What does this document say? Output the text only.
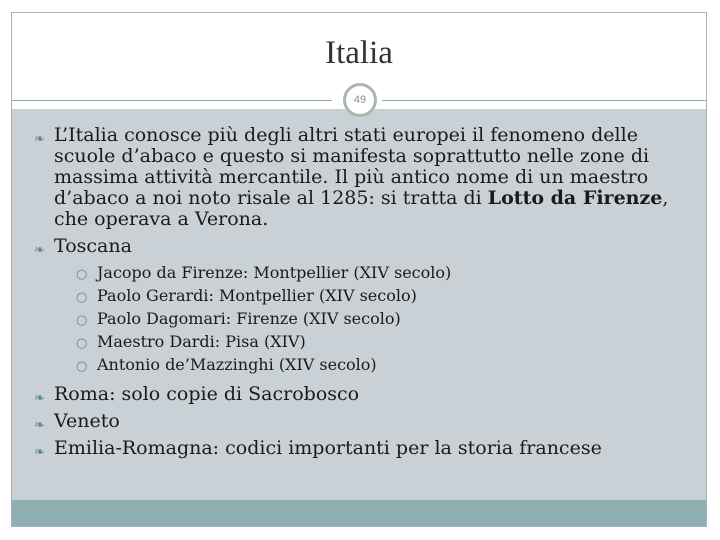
Italia
❧ L’Italia conosce più degli altri stati europei il fenomeno delle scuole d’abaco e questo si manifesta soprattutto nelle zone di massima attività mercantile. Il più antico nome di un maestro d’abaco a noi noto risale al 1285: si tratta di Lotto da Firenze, che operava a Verona.
❧ Toscana
○ Jacopo da Firenze: Montpellier (XIV secolo)
○ Paolo Gerardi: Montpellier (XIV secolo)
○ Paolo Dagomari: Firenze (XIV secolo)
○ Maestro Dardi: Pisa (XIV)
○ Antonio de’Mazzinghi (XIV secolo)
❧ Roma: solo copie di Sacrobosco
❧ Veneto
❧ Emilia-Romagna: codici importanti per la storia francese
49
